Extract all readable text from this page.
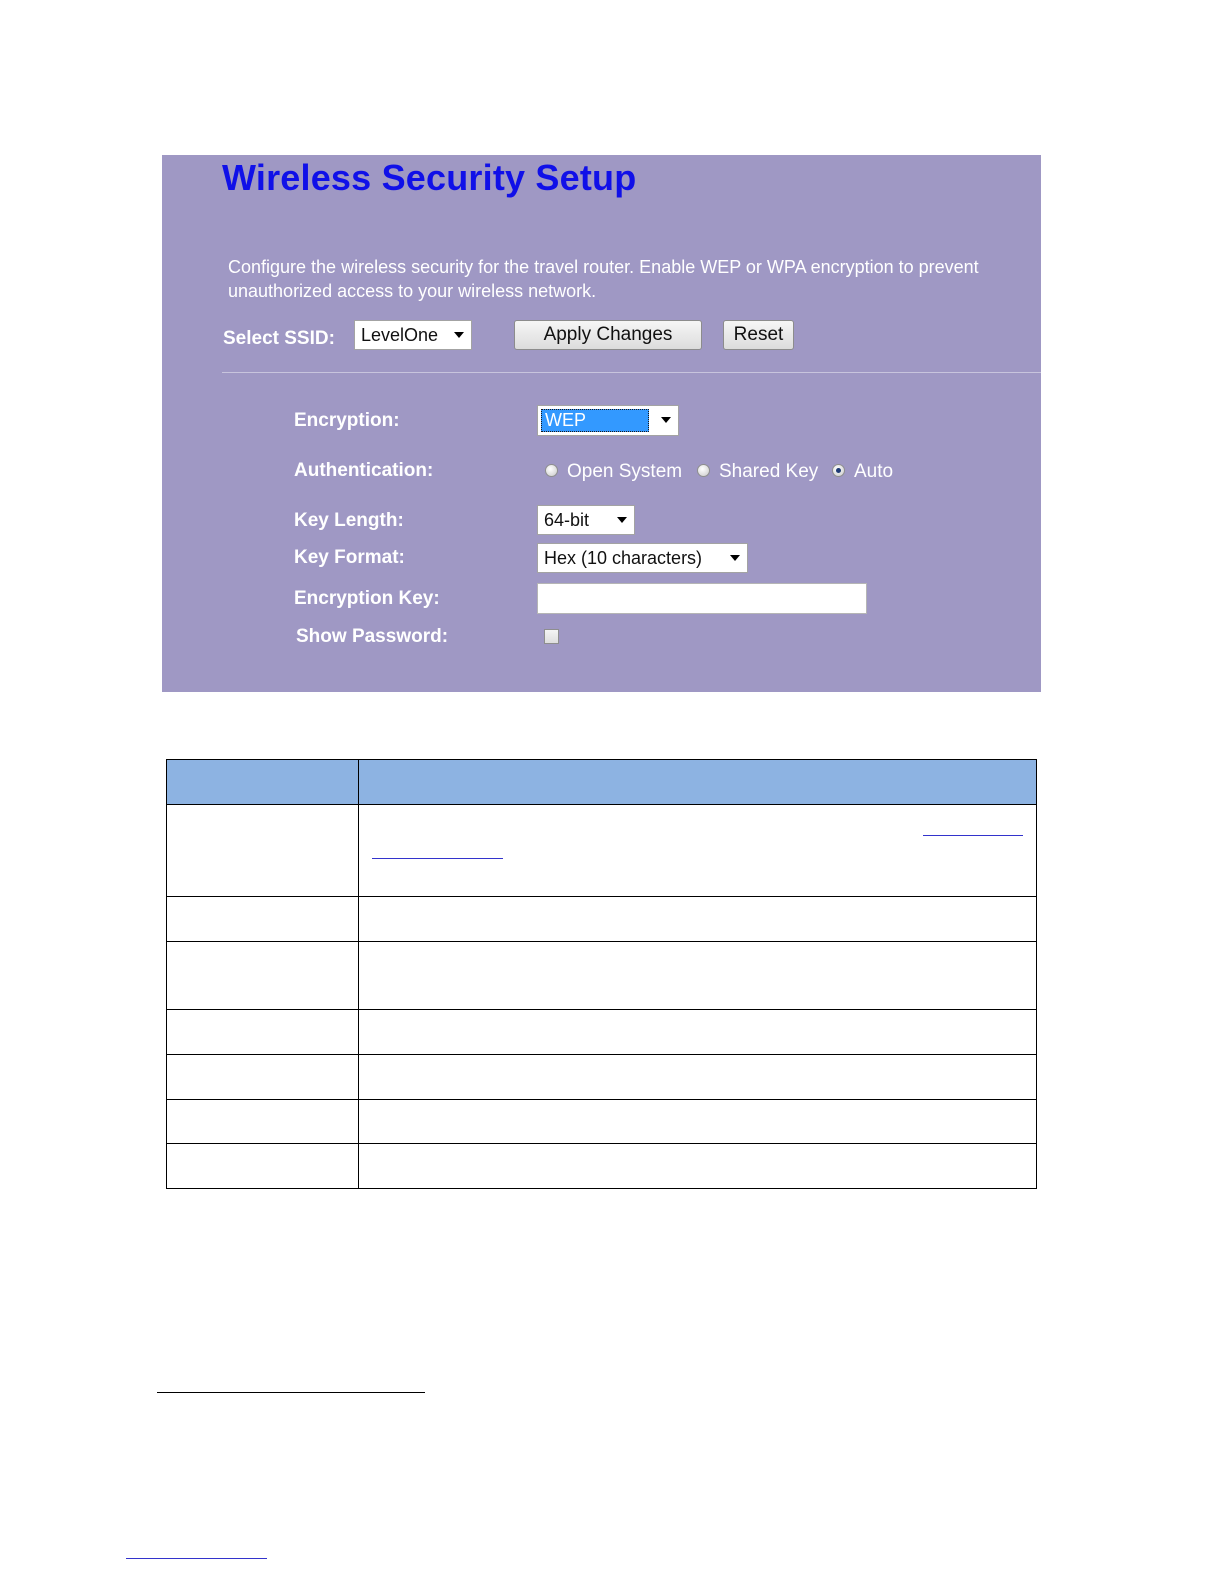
Wireless Security Setup
Configure the wireless security for the travel router. Enable WEP or WPA encryption to prevent unauthorized access to your wireless network.
Select SSID:	LevelOne	Apply Changes	Reset
Encryption:	WEP
Authentication:	Open System Shared Key Auto
Key Length:	64-bit
Key Format:	Hex (10 characters)
Encryption Key:
Show Password:
